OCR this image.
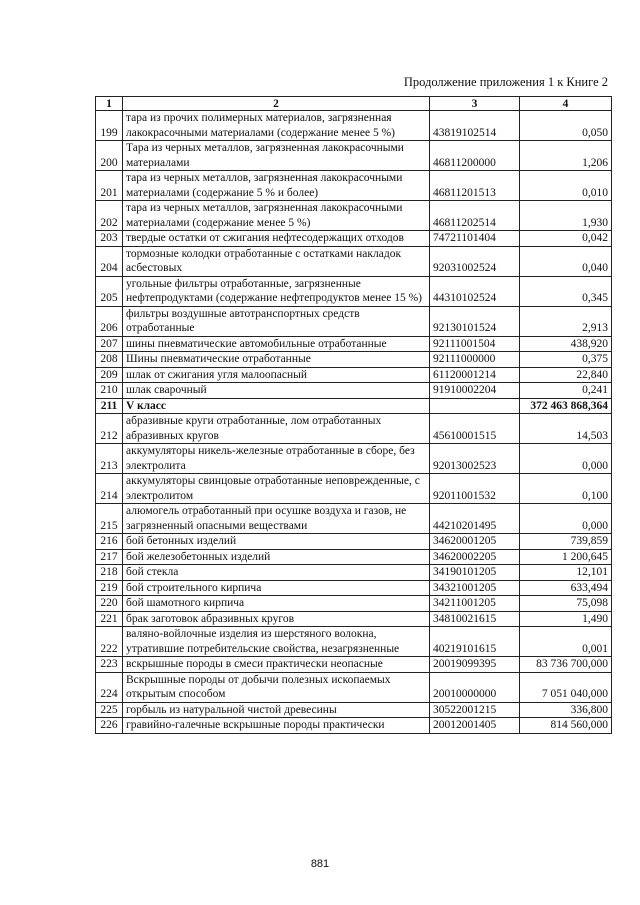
Продолжение приложения 1 к Книге 2
1	2	3	4
199	тара из прочих полимерных материалов, загрязненная лакокрасочными материалами (содержание менее 5 %)	43819102514	0,050
200	Тара из черных металлов, загрязненная лакокрасочными материалами	46811200000	1,206
201	тара из черных металлов, загрязненная лакокрасочными материалами (содержание 5 % и более)	46811201513	0,010
202	тара из черных металлов, загрязненная лакокрасочными материалами (содержание менее 5 %)	46811202514	1,930
203	твердые остатки от сжигания нефтесодержащих отходов	74721101404	0,042
204	тормозные колодки отработанные с остатками накладок асбестовых	92031002524	0,040
205	угольные фильтры отработанные, загрязненные нефтепродуктами (содержание нефтепродуктов менее 15 %)	44310102524	0,345
206	фильтры воздушные автотранспортных средств отработанные	92130101524	2,913
207	шины пневматические автомобильные отработанные	92111001504	438,920
208	Шины пневматические отработанные	92111000000	0,375
209	шлак от сжигания угля малоопасный	61120001214	22,840
210	шлак сварочный	91910002204	0,241
211	V класс		372 463 868,364
212	абразивные круги отработанные, лом отработанных абразивных кругов	45610001515	14,503
213	аккумуляторы никель-железные отработанные в сборе, без электролита	92013002523	0,000
214	аккумуляторы свинцовые отработанные неповрежденные, с электролитом	92011001532	0,100
215	алюмогель отработанный при осушке воздуха и газов, не загрязненный опасными веществами	44210201495	0,000
216	бой бетонных изделий	34620001205	739,859
217	бой железобетонных изделий	34620002205	1 200,645
218	бой стекла	34190101205	12,101
219	бой строительного кирпича	34321001205	633,494
220	бой шамотного кирпича	34211001205	75,098
221	брак заготовок абразивных кругов	34810021615	1,490
222	валяно-войлочные изделия из шерстяного волокна, утратившие потребительские свойства, незагрязненные	40219101615	0,001
223	вскрышные породы в смеси практически неопасные	20019099395	83 736 700,000
224	Вскрышные породы от добычи полезных ископаемых открытым способом	20010000000	7 051 040,000
225	горбыль из натуральной чистой древесины	30522001215	336,800
226	гравийно-галечные вскрышные породы практически	20012001405	814 560,000
881
